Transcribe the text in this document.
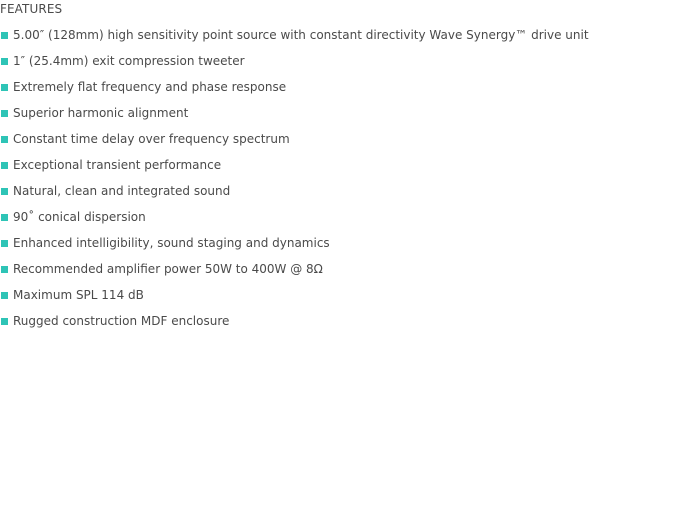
FEATURES
5.00″ (128mm) high sensitivity point source with constant directivity Wave Synergy™ drive unit
1″ (25.4mm) exit compression tweeter
Extremely flat frequency and phase response
Superior harmonic alignment
Constant time delay over frequency spectrum
Exceptional transient performance
Natural, clean and integrated sound
90˚ conical dispersion
Enhanced intelligibility, sound staging and dynamics
Recommended amplifier power 50W to 400W @ 8Ω
Maximum SPL 114 dB
Rugged construction MDF enclosure
